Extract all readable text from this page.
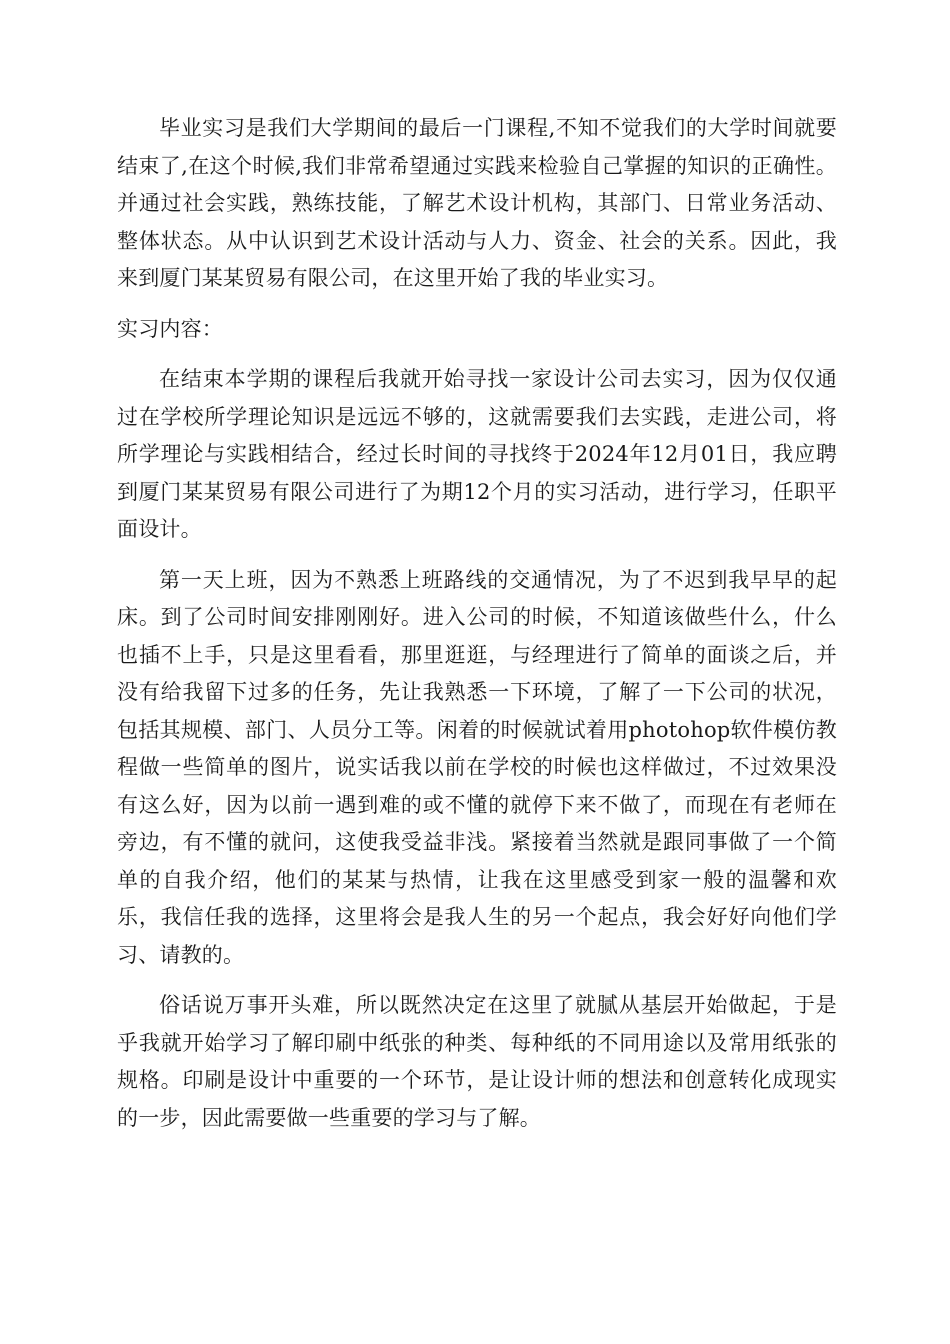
毕业实习是我们大学期间的最后一门课程,不知不觉我们的大学时间就要结束了,在这个时候,我们非常希望通过实践来检验自己掌握的知识的正确性。并通过社会实践，熟练技能，了解艺术设计机构，其部门、日常业务活动、整体状态。从中认识到艺术设计活动与人力、资金、社会的关系。因此，我来到厦门某某贸易有限公司，在这里开始了我的毕业实习。

实习内容：

在结束本学期的课程后我就开始寻找一家设计公司去实习，因为仅仅通过在学校所学理论知识是远远不够的，这就需要我们去实践，走进公司，将所学理论与实践相结合，经过长时间的寻找终于2024年12月01日，我应聘到厦门某某贸易有限公司进行了为期12个月的实习活动，进行学习，任职平面设计。

第一天上班，因为不熟悉上班路线的交通情况，为了不迟到我早早的起床。到了公司时间安排刚刚好。进入公司的时候，不知道该做些什么，什么也插不上手，只是这里看看，那里逛逛，与经理进行了简单的面谈之后，并没有给我留下过多的任务，先让我熟悉一下环境，了解了一下公司的状况，包括其规模、部门、人员分工等。闲着的时候就试着用photohop软件模仿教程做一些简单的图片，说实话我以前在学校的时候也这样做过，不过效果没有这么好，因为以前一遇到难的或不懂的就停下来不做了，而现在有老师在旁边，有不懂的就问，这使我受益非浅。紧接着当然就是跟同事做了一个简单的自我介绍，他们的某某与热情，让我在这里感受到家一般的温馨和欢乐，我信任我的选择，这里将会是我人生的另一个起点，我会好好向他们学习、请教的。

俗话说万事开头难，所以既然决定在这里了就腻从基层开始做起，于是乎我就开始学习了解印刷中纸张的种类、每种纸的不同用途以及常用纸张的规格。印刷是设计中重要的一个环节，是让设计师的想法和创意转化成现实的一步，因此需要做一些重要的学习与了解。
